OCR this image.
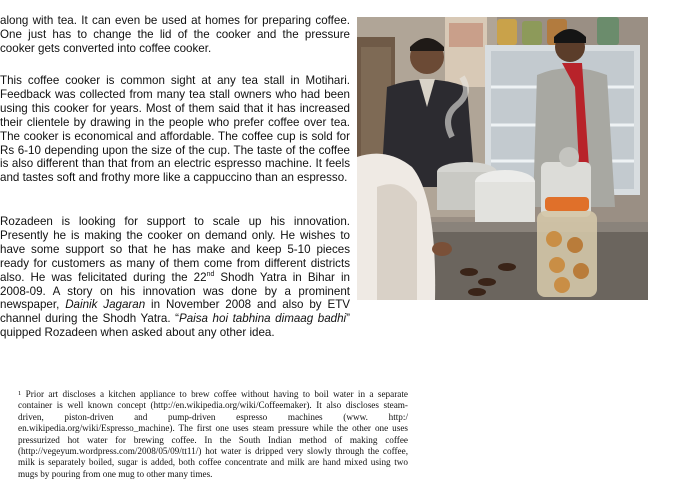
along with tea. It can even be used at homes for preparing coffee. One just has to change the lid of the cooker and the pressure cooker gets converted into coffee cooker.

This coffee cooker is common sight at any tea stall in Motihari. Feedback was collected from many tea stall owners who had been using this cooker for years. Most of them said that it has increased their clientele by drawing in the people who prefer coffee over tea. The cooker is economical and affordable. The coffee cup is sold for Rs 6-10 depending upon the size of the cup. The taste of the coffee is also different than that from an electric espresso machine. It feels and tastes soft and frothy more like a cappuccino than an espresso.

Rozadeen is looking for support to scale up his innovation. Presently he is making the cooker on demand only. He wishes to have some support so that he has make and keep 5-10 pieces ready for customers as many of them come from different districts also. He was felicitated during the 22nd Shodh Yatra in Bihar in 2008-09. A story on his innovation was done by a prominent newspaper, Dainik Jagaran in November 2008 and also by ETV channel during the Shodh Yatra. “Paisa hoi tabhina dimaag badhi” quipped Rozadeen when asked about any other idea.

$^1$ Prior art discloses a kitchen appliance to brew coffee without having to boil water in a separate container is well known concept (http://en.wikipedia.org/wiki/Coffeemaker). It also discloses steam-driven, piston-driven and pump-driven espresso machines (www. http:/ en.wikipedia.org/wiki/Espresso_machine). The first one uses steam pressure while the other one uses pressurized hot water for brewing coffee. In the South Indian method of making coffee (http://vegeyum.wordpress.com/2008/05/09/tt11/) hot water is dripped very slowly through the coffee, milk is separately boiled, sugar is added, both coffee concentrate and milk are hand mixed using two mugs by pouring from one mug to other many times.
